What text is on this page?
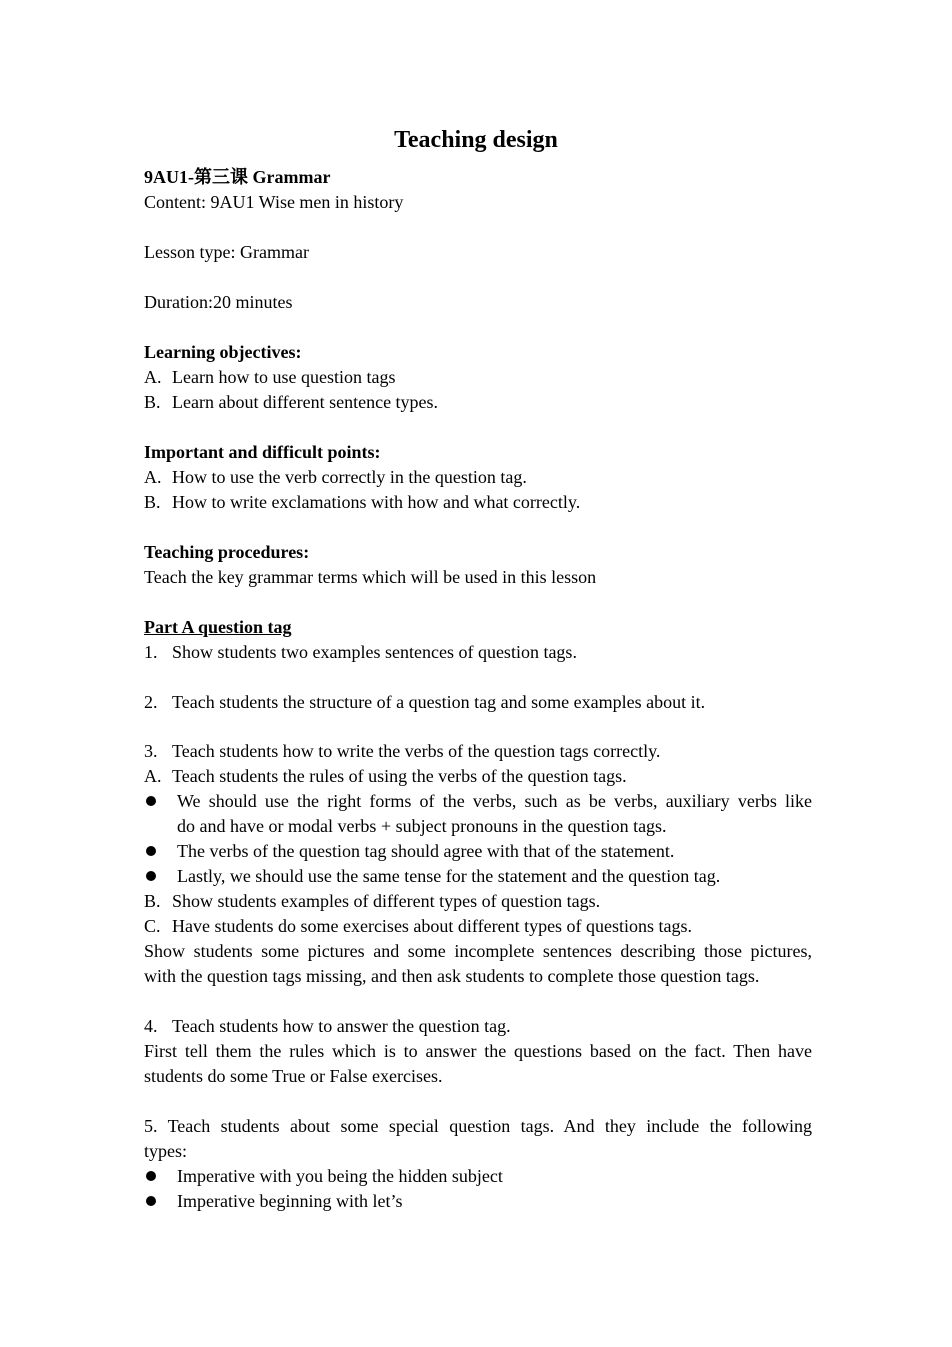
Teaching design
9AU1-第三课 Grammar
Content: 9AU1 Wise men in history
Lesson type: Grammar
Duration:20 minutes
Learning objectives:
A. Learn how to use question tags
B. Learn about different sentence types.
Important and difficult points:
A. How to use the verb correctly in the question tag.
B. How to write exclamations with how and what correctly.
Teaching procedures:
Teach the key grammar terms which will be used in this lesson
Part A question tag
1. Show students two examples sentences of question tags.
2. Teach students the structure of a question tag and some examples about it.
3. Teach students how to write the verbs of the question tags correctly.
A. Teach students the rules of using the verbs of the question tags.
We should use the right forms of the verbs, such as be verbs, auxiliary verbs like
do and have or modal verbs + subject pronouns in the question tags.
The verbs of the question tag should agree with that of the statement.
Lastly, we should use the same tense for the statement and the question tag.
B. Show students examples of different types of question tags.
C. Have students do some exercises about different types of questions tags.
Show students some pictures and some incomplete sentences describing those pictures,
with the question tags missing, and then ask students to complete those question tags.
4. Teach students how to answer the question tag.
First tell them the rules which is to answer the questions based on the fact. Then have
students do some True or False exercises.
5. Teach students about some special question tags. And they include the following
types:
Imperative with you being the hidden subject
Imperative beginning with let’s
